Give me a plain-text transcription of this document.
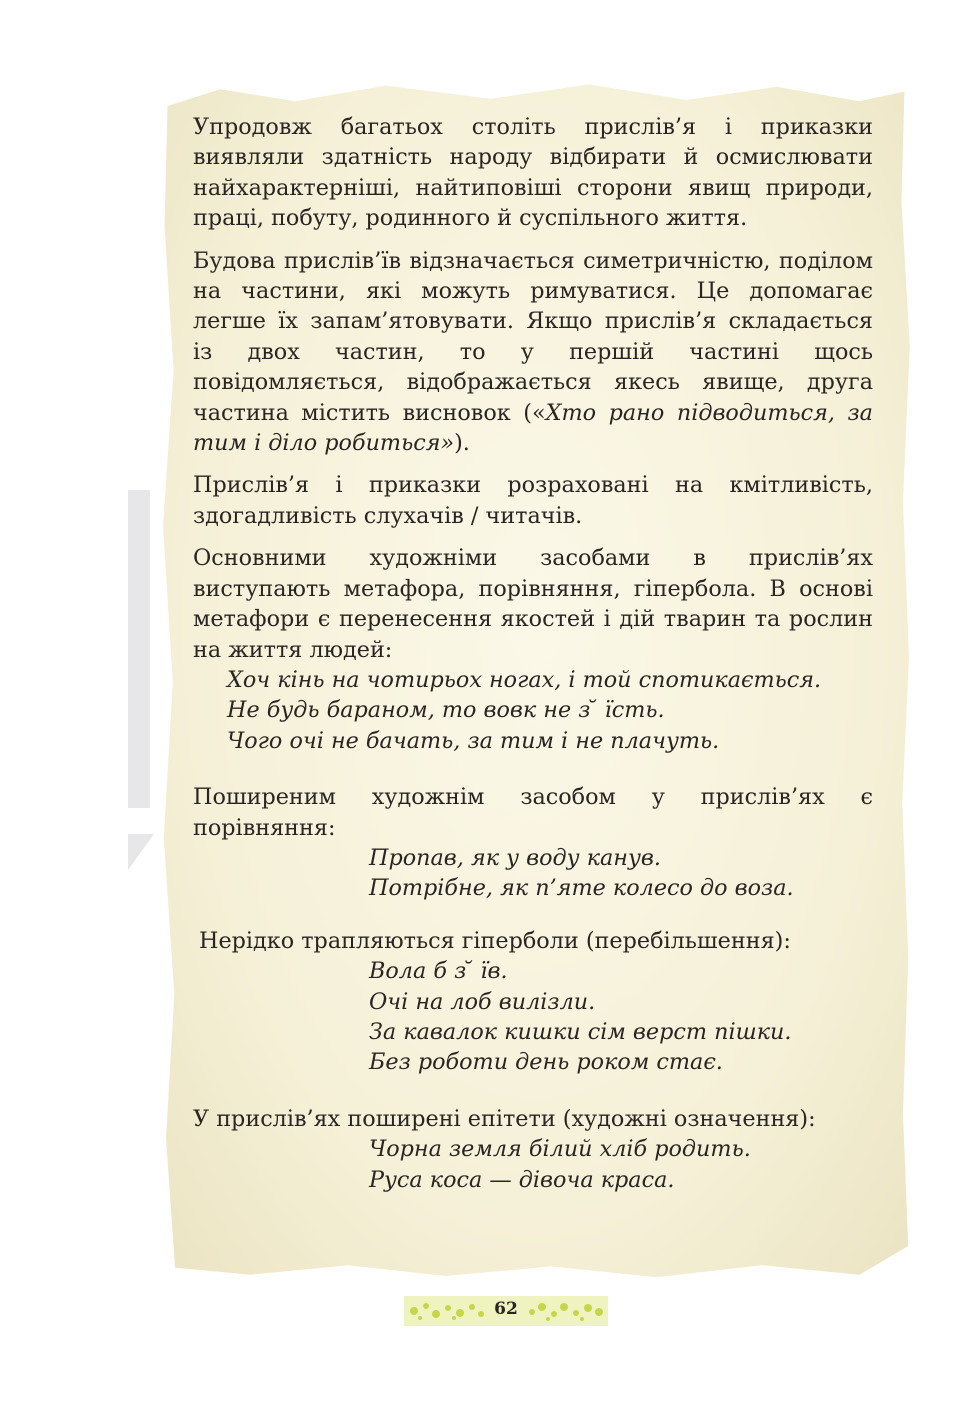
Упродовж багатьох століть прислів’я і приказки виявляли здатність народу відбирати й осмислювати найхарактерніші, найтиповіші сторони явищ природи, праці, побуту, родинного й суспільного життя.

Будова прислів’їв відзначається симетричністю, поділом на частини, які можуть римуватися. Це допомагає легше їх запам’ятовувати. Якщо прислів’я складається із двох частин, то у першій частині щось повідомляється, відображається якесь явище, друга частина містить висновок («Хто рано підводиться, за тим і діло робиться»).

Прислів’я і приказки розраховані на кмітливість, здогадливість слухачів / читачів.

Основними художніми засобами в прислів’ях виступають метафора, порівняння, гіпербола. В основі метафори є перенесення якостей і дій тварин та рослин на життя людей:

Хоч кінь на чотирьох ногах, і той спотикається.

Не будь бараном, то вовк не з ̆ їсть.

Чого очі не бачать, за тим і не плачуть.

Поширеним художнім засобом у прислів’ях є порівняння:

Пропав, як у воду канув.

Потрібне, як п’яте колесо до воза.

Нерідко трапляються гіперболи (перебільшення):

Вола б з ̆ їв.

Очі на лоб вилізли.

За кавалок кишки сім верст пішки.

Без роботи день роком стає.

У прислів’ях поширені епітети (художні означення):

Чорна земля білий хліб родить.

Руса коса — дівоча краса.

62
